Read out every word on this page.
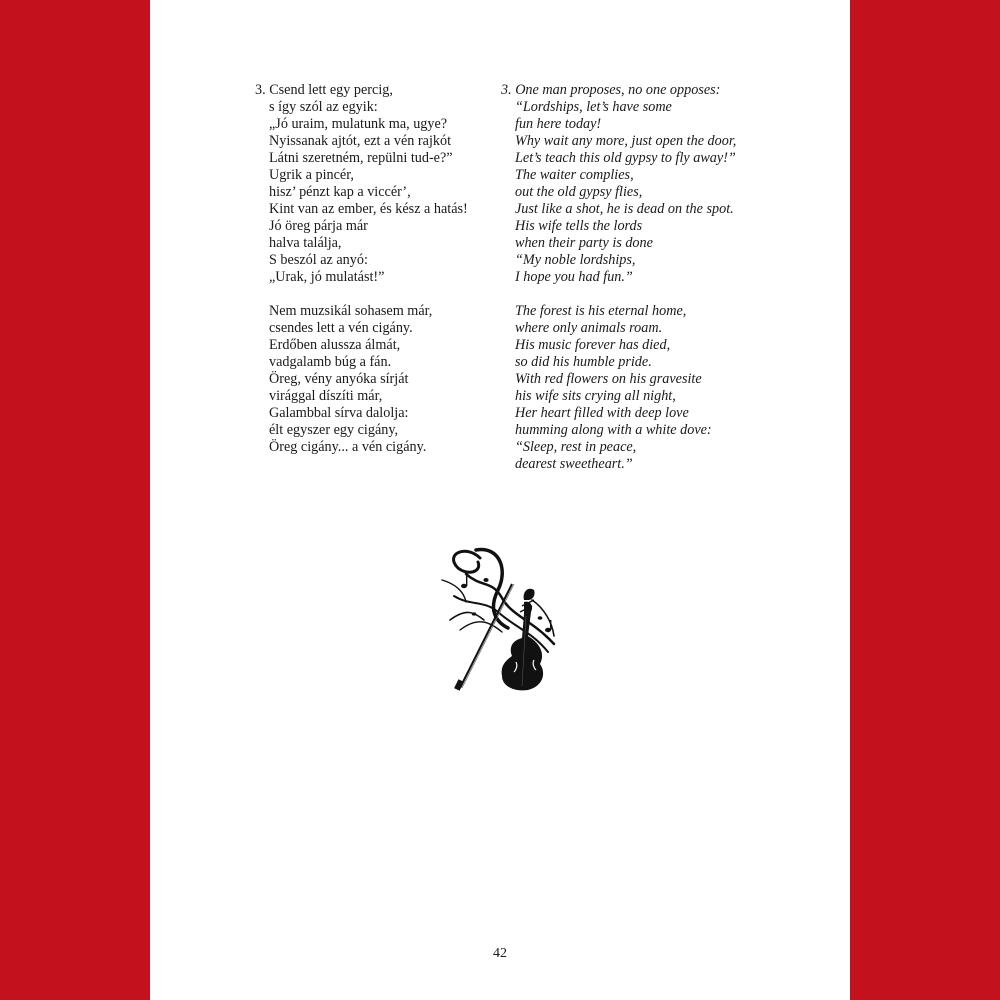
3. Csend lett egy percig,
s így szól az egyik:
„Jó uraim, mulatunk ma, ugye?
Nyissanak ajtót, ezt a vén rajkót
Látni szeretném, repülni tud-e?”
Ugrik a pincér,
hisz’ pénzt kap a viccér’,
Kint van az ember, és kész a hatás!
Jó öreg párja már
halva találja,
S beszól az anyó:
„Urak, jó mulatást!”
Nem muzsikál sohasem már,
csendes lett a vén cigány.
Erdőben alussza álmát,
vadgalamb búg a fán.
Öreg, vény anyóka sírját
virággal díszíti már,
Galambbal sírva dalolja:
élt egyszer egy cigány,
Öreg cigány... a vén cigány.
3. One man proposes, no one opposes:
“Lordships, let’s have some
fun here today!
Why wait any more, just open the door,
Let’s teach this old gypsy to fly away!”
The waiter complies,
out the old gypsy flies,
Just like a shot, he is dead on the spot.
His wife tells the lords
when their party is done
“My noble lordships,
I hope you had fun.”
The forest is his eternal home,
where only animals roam.
His music forever has died,
so did his humble pride.
With red flowers on his gravesite
his wife sits crying all night,
Her heart filled with deep love
humming along with a white dove:
“Sleep, rest in peace,
dearest sweetheart.”
42
